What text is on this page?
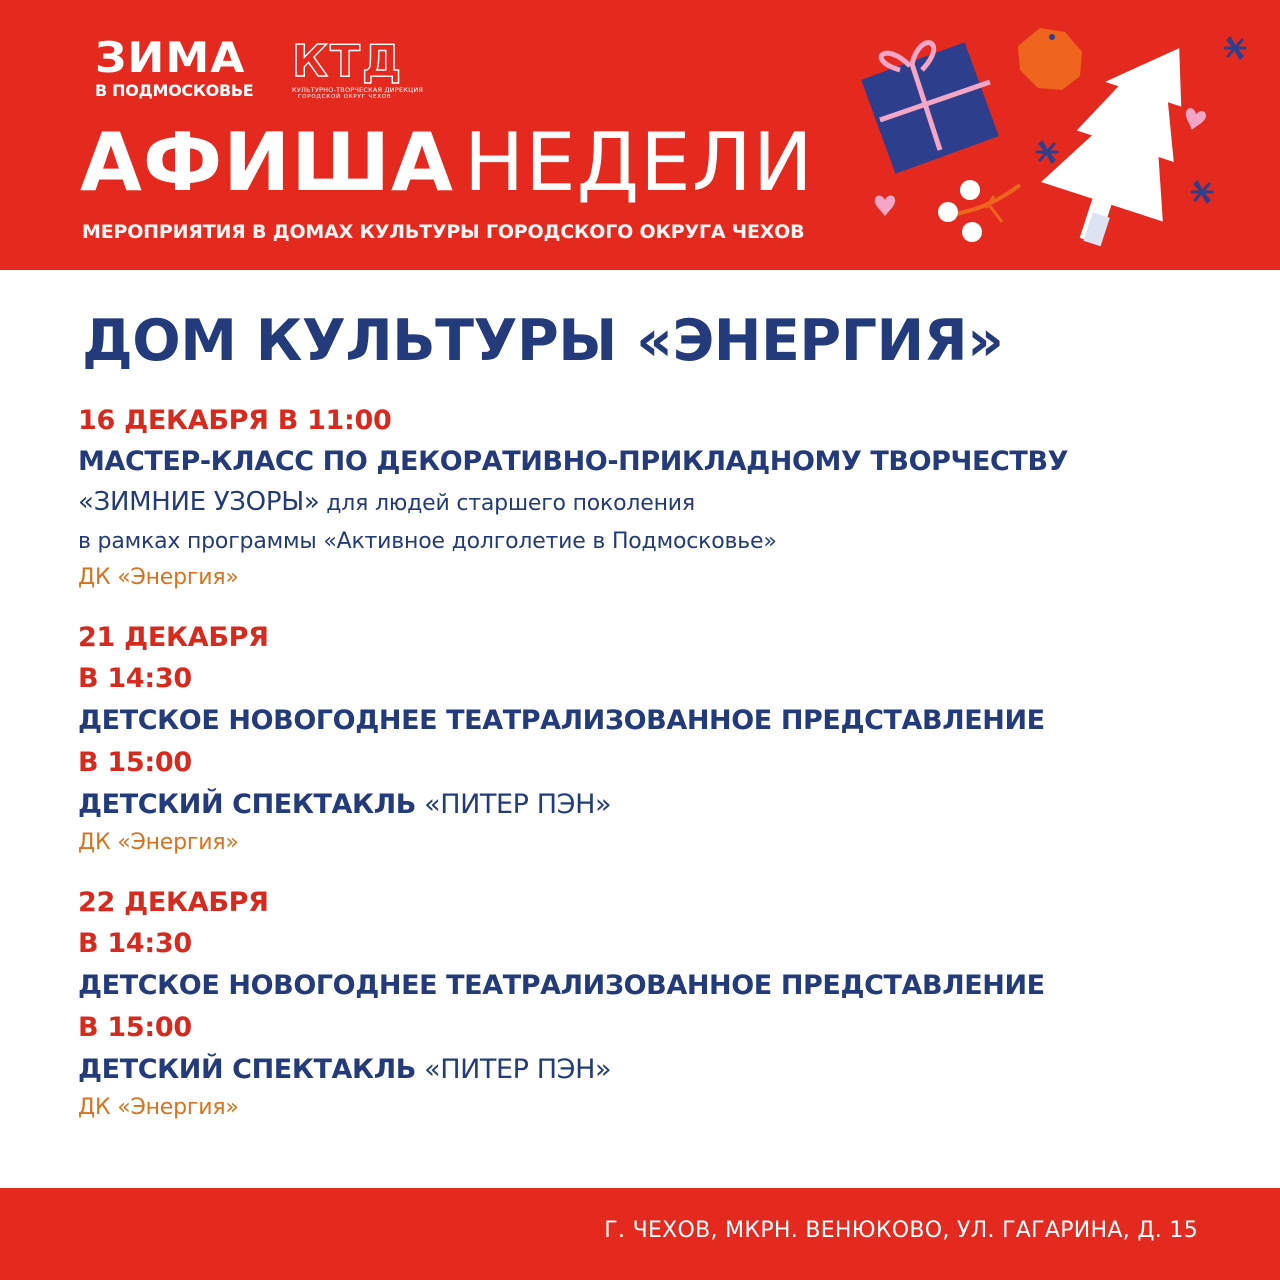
ЗИМА
В ПОДМОСКОВЬЕ
КТД
КУЛЬТУРНО-ТВОРЧЕСКАЯ ДИРЕКЦИЯ
ГОРОДСКОЙ ОКРУГ ЧЕХОВ
АФИША НЕДЕЛИ
МЕРОПРИЯТИЯ В ДОМАХ КУЛЬТУРЫ ГОРОДСКОГО ОКРУГА ЧЕХОВ
ДОМ КУЛЬТУРЫ «ЭНЕРГИЯ»
16 ДЕКАБРЯ В 11:00
МАСТЕР-КЛАСС ПО ДЕКОРАТИВНО-ПРИКЛАДНОМУ ТВОРЧЕСТВУ
«ЗИМНИЕ УЗОРЫ» для людей старшего поколения
в рамках программы «Активное долголетие в Подмосковье»
ДК «Энергия»
21 ДЕКАБРЯ
В 14:30
ДЕТСКОЕ НОВОГОДНЕЕ ТЕАТРАЛИЗОВАННОЕ ПРЕДСТАВЛЕНИЕ
В 15:00
ДЕТСКИЙ СПЕКТАКЛЬ «ПИТЕР ПЭН»
ДК «Энергия»
22 ДЕКАБРЯ
В 14:30
ДЕТСКОЕ НОВОГОДНЕЕ ТЕАТРАЛИЗОВАННОЕ ПРЕДСТАВЛЕНИЕ
В 15:00
ДЕТСКИЙ СПЕКТАКЛЬ «ПИТЕР ПЭН»
ДК «Энергия»
Г. ЧЕХОВ, МКРН. ВЕНЮКОВО, УЛ. ГАГАРИНА, Д. 15
